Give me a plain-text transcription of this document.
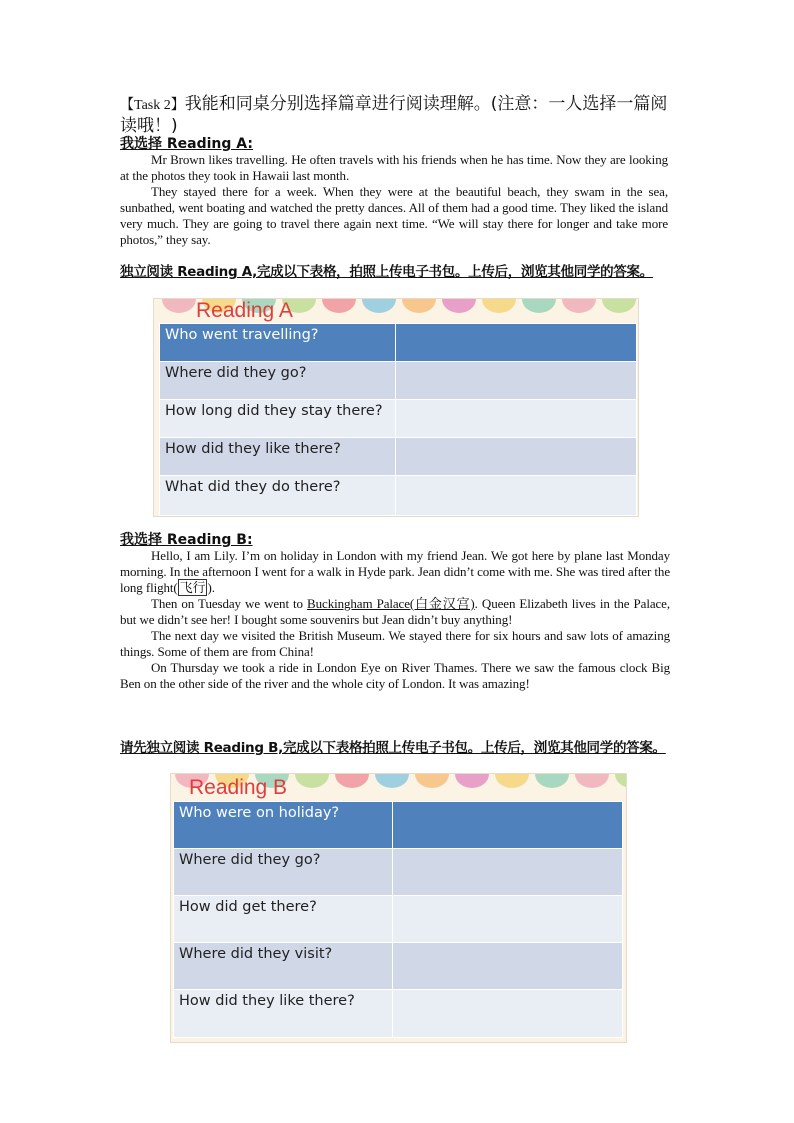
【Task 2】我能和同桌分别选择篇章进行阅读理解。(注意：一人选择一篇阅读哦！)

我选择 Reading A:

Mr Brown likes travelling. He often travels with his friends when he has time. Now they are looking at the photos they took in Hawaii last month.

They stayed there for a week. When they were at the beautiful beach, they swam in the sea, sunbathed, went boating and watched the pretty dances. All of them had a good time. They liked the island very much. They are going to travel there again next time. “We will stay there for longer and take more photos,” they say.

独立阅读 Reading A,完成以下表格，拍照上传电子书包。上传后，浏览其他同学的答案。

Reading A
Who went travelling?	
Where did they go?	
How long did they stay there?	
How did they like there?	
What did they do there?	

我选择 Reading B:

Hello, I am Lily. I’m on holiday in London with my friend Jean. We got here by plane last Monday morning. In the afternoon I went for a walk in Hyde park. Jean didn’t come with me. She was tired after the long flight( 飞行 ).

Then on Tuesday we went to Buckingham Palace(白金汉宫). Queen Elizabeth lives in the Palace, but we didn’t see her! I bought some souvenirs but Jean didn’t buy anything!

The next day we visited the British Museum. We stayed there for six hours and saw lots of amazing things. Some of them are from China!

On Thursday we took a ride in London Eye on River Thames. There we saw the famous clock Big Ben on the other side of the river and the whole city of London. It was amazing!

请先独立阅读 Reading B,完成以下表格拍照上传电子书包。上传后，浏览其他同学的答案。

Reading B
Who were on holiday?	
Where did they go?	
How did get there?	
Where did they visit?	
How did they like there?	
